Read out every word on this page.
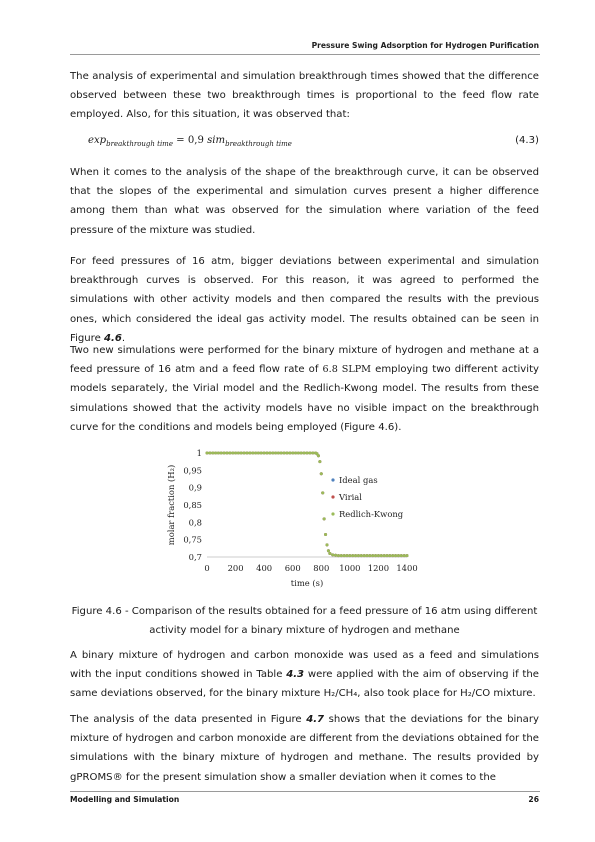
Pressure Swing Adsorption for Hydrogen Purification

The analysis of experimental and simulation breakthrough times showed that the difference observed between these two breakthrough times is proportional to the feed flow rate employed. Also, for this situation, it was observed that:

$\exp_{breakthrough time} = 0,9$ sim$_{breakthrough time}$	(4.3)

When it comes to the analysis of the shape of the breakthrough curve, it can be observed that the slopes of the experimental and simulation curves present a higher difference among them than what was observed for the simulation where variation of the feed pressure of the mixture was studied.

For feed pressures of 16 atm, bigger deviations between experimental and simulation breakthrough curves is observed. For this reason, it was agreed to performed the simulations with other activity models and then compared the results with the previous ones, which considered the ideal gas activity model. The results obtained can be seen in Figure 4.6.

Two new simulations were performed for the binary mixture of hydrogen and methane at a feed pressure of 16 atm and a feed flow rate of 6.8 SLPM employing two different activity models separately, the Virial model and the Redlich-Kwong model. The results from these simulations showed that the activity models have no visible impact on the breakthrough curve for the conditions and models being employed (Figure 4.6).

0,7
0,75
0,8
0,85
0,9
0,95
1
0 200 400 600 800 1000 1200 1400
time (s)
molar fraction (H₂)	Ideal gas
Virial
Redlich-Kwong
Figure 4.6 - Comparison of the results obtained for a feed pressure of 16 atm using different
activity model for a binary mixture of hydrogen and methane

A binary mixture of hydrogen and carbon monoxide was used as a feed and simulations with the input conditions showed in Table 4.3 were applied with the aim of observing if the same deviations observed, for the binary mixture H₂/CH₄, also took place for H₂/CO mixture.

The analysis of the data presented in Figure 4.7 shows that the deviations for the binary mixture of hydrogen and carbon monoxide are different from the deviations obtained for the simulations with the binary mixture of hydrogen and methane. The results provided by gPROMS® for the present simulation show a smaller deviation when it comes to the

Modelling and Simulation	26
